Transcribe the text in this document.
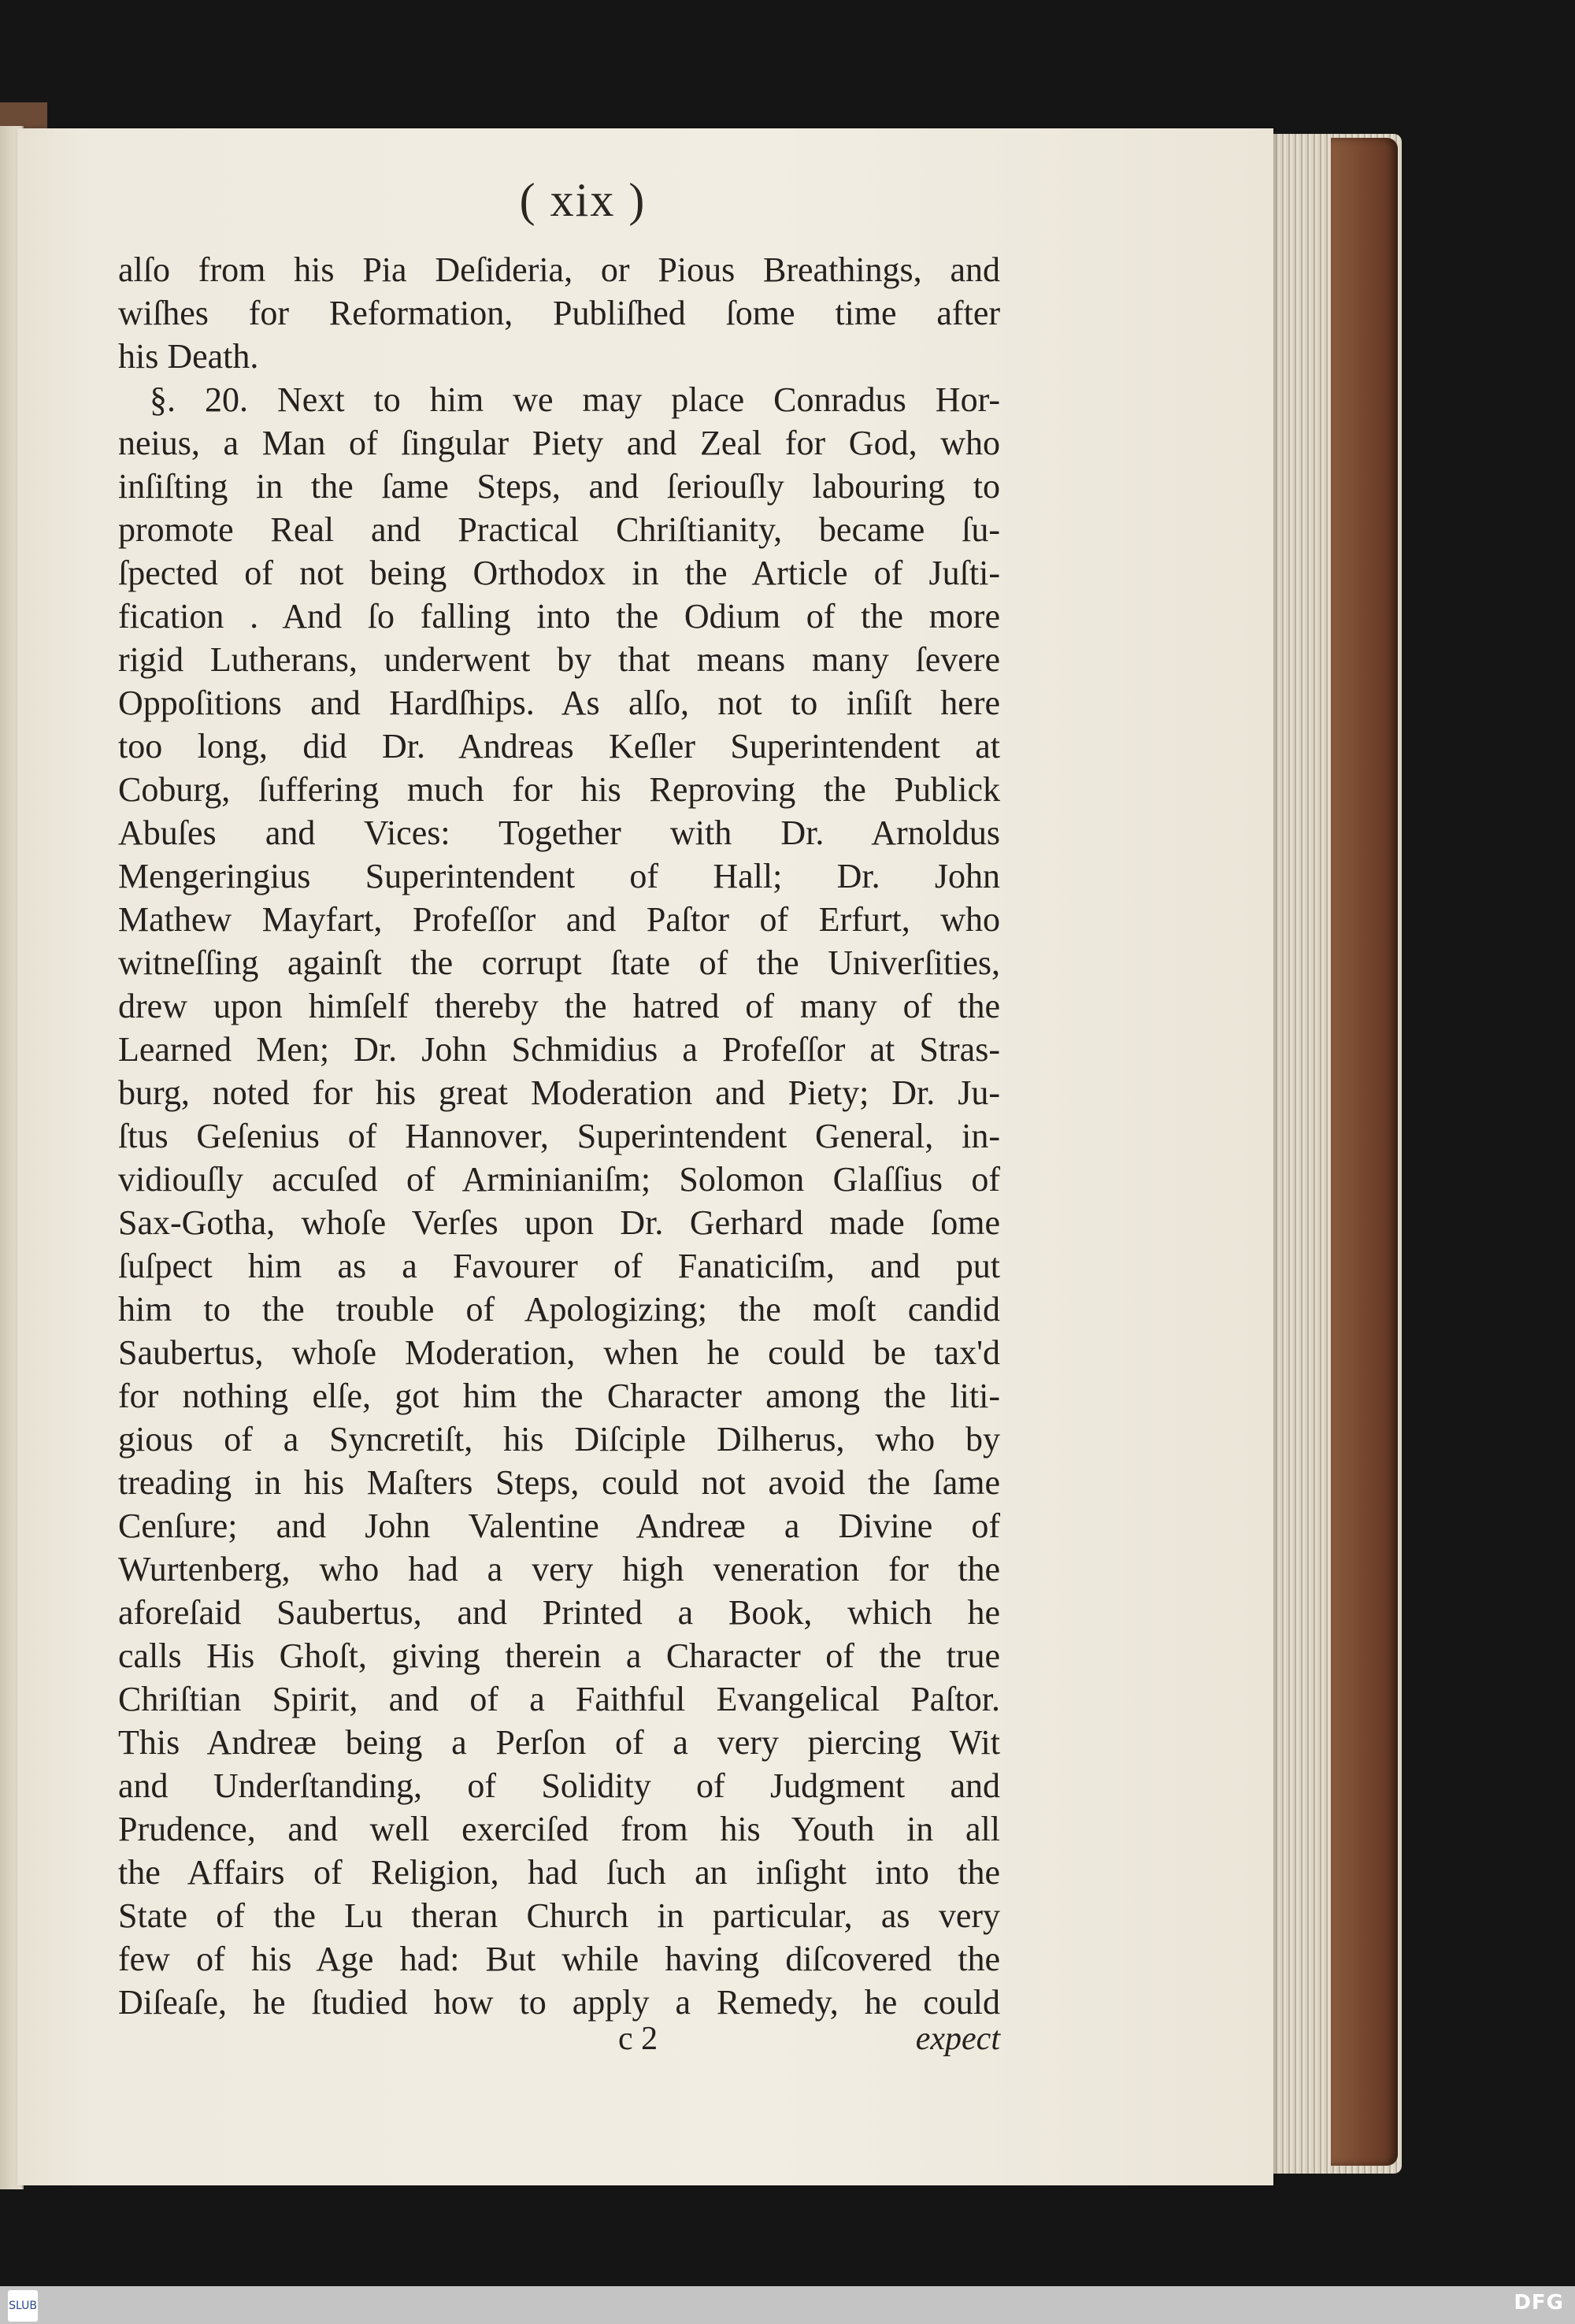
( xix )
alſo from his Pia Deſideria, or Pious Breathings, and
wiſhes for Reformation, Publiſhed ſome time after
his Death.
§. 20. Next to him we may place Conradus Hor-
neius, a Man of ſingular Piety and Zeal for God, who
inſiſting in the ſame Steps, and ſeriouſly labouring to
promote Real and Practical Chriſtianity, became ſu-
ſpected of not being Orthodox in the Article of Juſti-
fication . And ſo falling into the Odium of the more
rigid Lutherans, underwent by that means many ſevere
Oppoſitions and Hardſhips. As alſo, not to inſiſt here
too long, did Dr. Andreas Keſler Superintendent at
Coburg, ſuffering much for his Reproving the Publick
Abuſes and Vices: Together with Dr. Arnoldus
Mengeringius Superintendent of Hall; Dr. John
Mathew Mayfart, Profeſſor and Paſtor of Erfurt, who
witneſſing againſt the corrupt ſtate of the Univerſities,
drew upon himſelf thereby the hatred of many of the
Learned Men; Dr. John Schmidius a Profeſſor at Stras-
burg, noted for his great Moderation and Piety; Dr. Ju-
ſtus Geſenius of Hannover, Superintendent General, in-
vidiouſly accuſed of Arminianiſm; Solomon Glaſſius of
Sax-Gotha, whoſe Verſes upon Dr. Gerhard made ſome
ſuſpect him as a Favourer of Fanaticiſm, and put
him to the trouble of Apologizing; the moſt candid
Saubertus, whoſe Moderation, when he could be tax'd
for nothing elſe, got him the Character among the liti-
gious of a Syncretiſt, his Diſciple Dilherus, who by
treading in his Maſters Steps, could not avoid the ſame
Cenſure; and John Valentine Andreæ a Divine of
Wurtenberg, who had a very high veneration for the
aforeſaid Saubertus, and Printed a Book, which he
calls His Ghoſt, giving therein a Character of the true
Chriſtian Spirit, and of a Faithful Evangelical Paſtor.
This Andreæ being a Perſon of a very piercing Wit
and Underſtanding, of Solidity of Judgment and
Prudence, and well exerciſed from his Youth in all
the Affairs of Religion, had ſuch an inſight into the
State of the Lu theran Church in particular, as very
few of his Age had: But while having diſcovered the
Diſeaſe, he ſtudied how to apply a Remedy, he could
c 2	expect
SLUB	DFG
